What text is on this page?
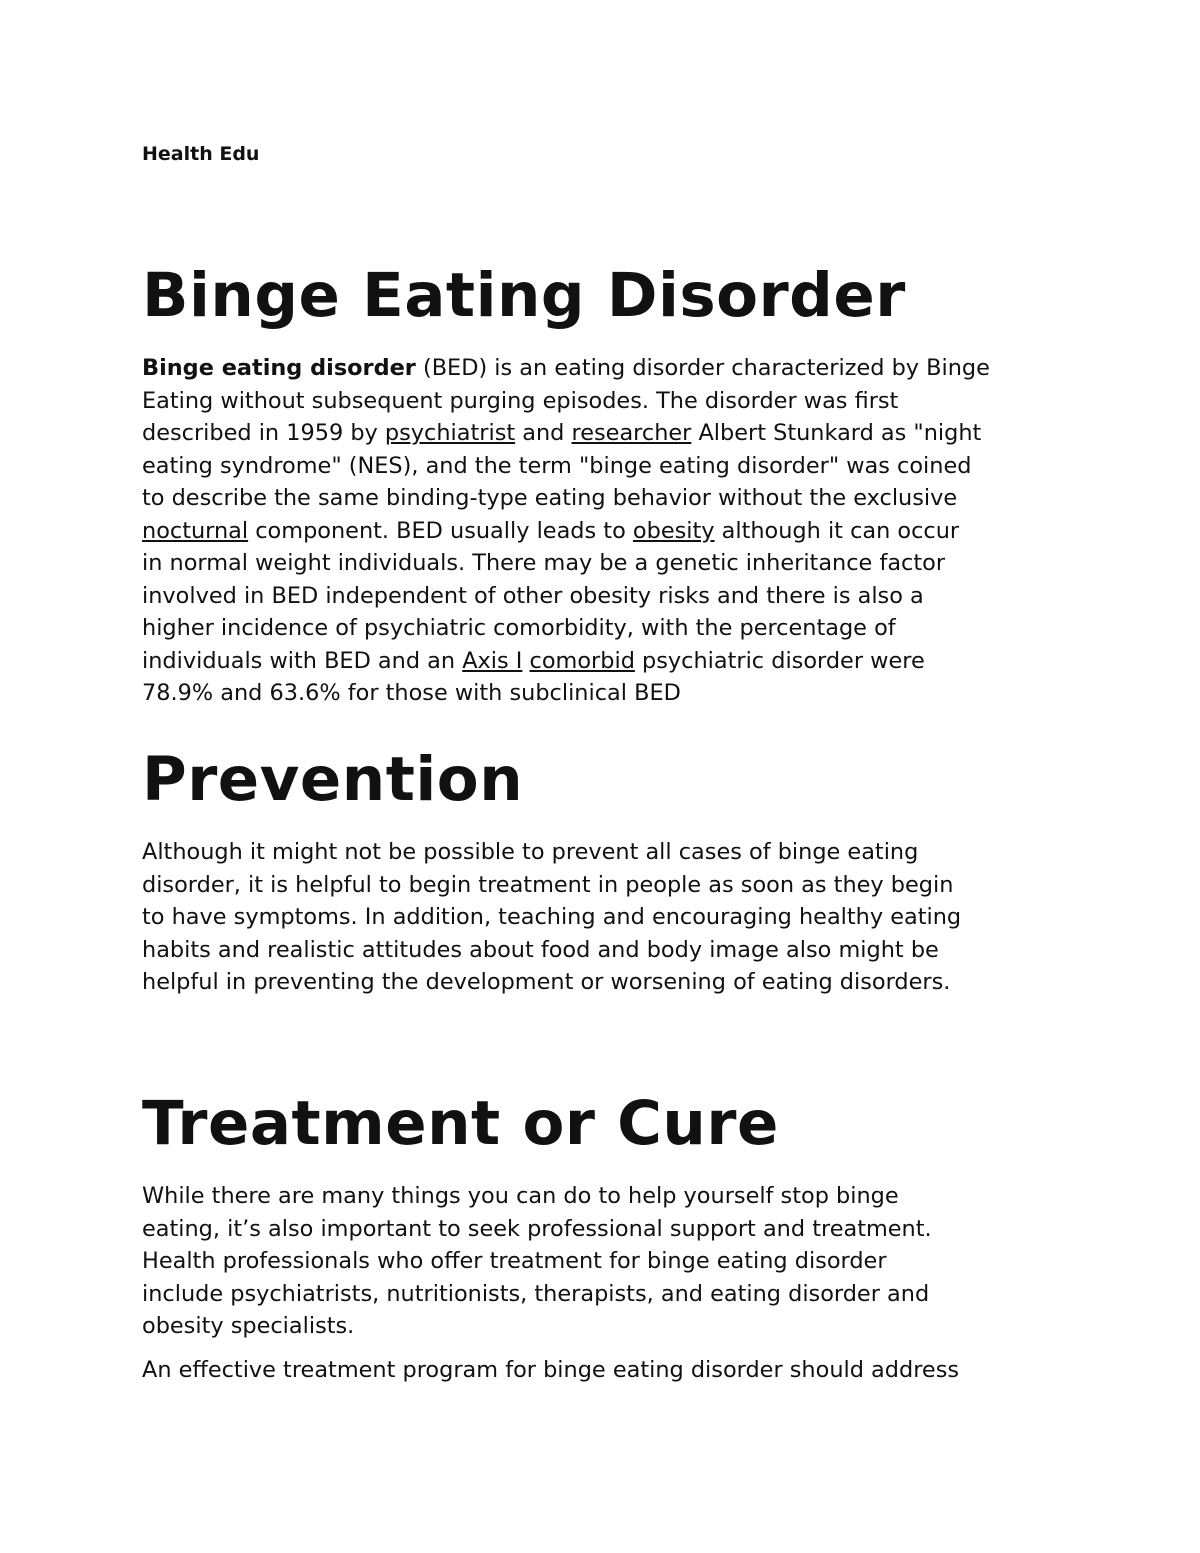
Health Edu
Binge Eating Disorder

Binge eating disorder (BED) is an eating disorder characterized by Binge
Eating without subsequent purging episodes. The disorder was first
described in 1959 by psychiatrist and researcher Albert Stunkard as "night
eating syndrome" (NES), and the term "binge eating disorder" was coined
to describe the same binding-type eating behavior without the exclusive
nocturnal component. BED usually leads to obesity although it can occur
in normal weight individuals. There may be a genetic inheritance factor
involved in BED independent of other obesity risks and there is also a
higher incidence of psychiatric comorbidity, with the percentage of
individuals with BED and an Axis I comorbid psychiatric disorder were
78.9% and 63.6% for those with subclinical BED

Prevention

Although it might not be possible to prevent all cases of binge eating
disorder, it is helpful to begin treatment in people as soon as they begin
to have symptoms. In addition, teaching and encouraging healthy eating
habits and realistic attitudes about food and body image also might be
helpful in preventing the development or worsening of eating disorders.

Treatment or Cure

While there are many things you can do to help yourself stop binge
eating, it’s also important to seek professional support and treatment.
Health professionals who offer treatment for binge eating disorder
include psychiatrists, nutritionists, therapists, and eating disorder and
obesity specialists.

An effective treatment program for binge eating disorder should address
